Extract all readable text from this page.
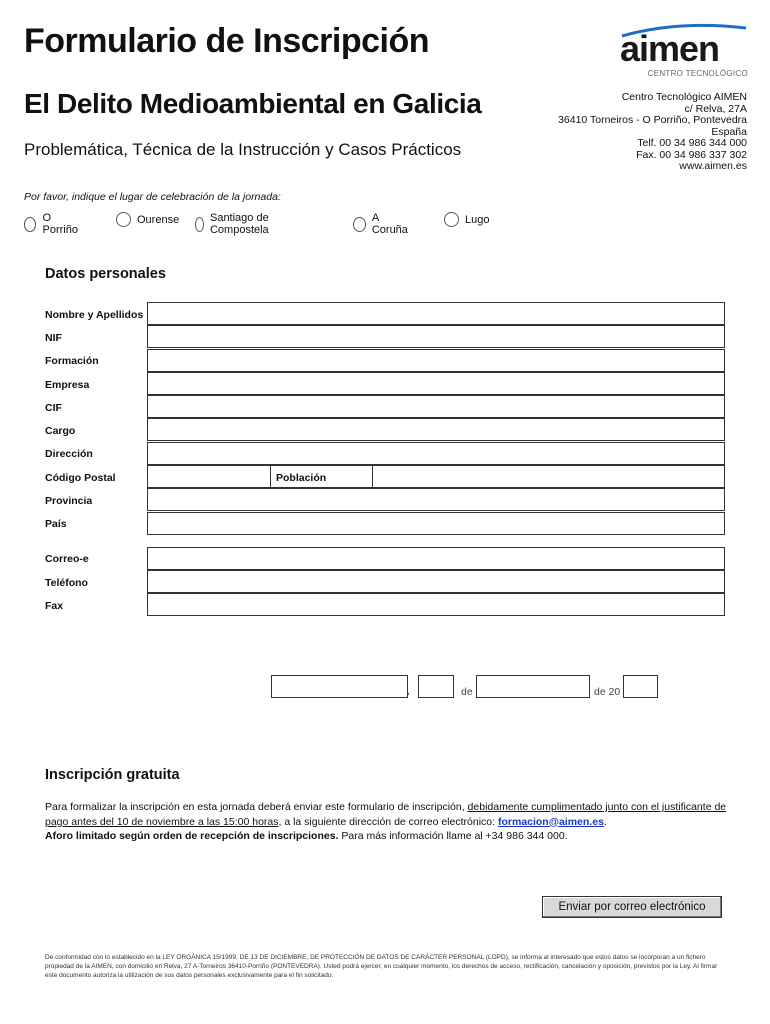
Formulario de Inscripción
El Delito Medioambiental en Galicia
Problemática, Técnica de la Instrucción y Casos Prácticos
aimen
CENTRO TECNOLÓGICO
Centro Tecnológico AIMEN
c/ Relva, 27A
36410 Torneiros - O Porriño, Pontevedra
España
Telf. 00 34 986 344 000
Fax. 00 34 986 337 302
www.aimen.es
Por favor, indique el lugar de celebración de la jornada:
O Porriño
Ourense	Santiago de Compostela
A Coruña
Lugo
Datos personales
Nombre y Apellidos
NIF
Formación
Empresa
CIF
Cargo
Dirección
Código Postal	Población
Provincia
País
Correo-e
Teléfono
Fax
,	de	de 20
Inscripción gratuita
Para formalizar la inscripción en esta jornada deberá enviar este formulario de inscripción, debidamente cumplimentado junto con el justificante de pago antes del 10 de noviembre a las 15:00 horas, a la siguiente dirección de correo electrónico: formacion@aimen.es.
Aforo limitado según orden de recepción de inscripciones. Para más información llame al +34 986 344 000.
Enviar por correo electrónico
De conformidad con lo establecido en la LEY ORGÁNICA 15/1999, DE 13 DE DICIEMBRE, DE PROTECCIÓN DE DATOS DE CARÁCTER PERSONAL (LOPD), se informa al interesado que estos datos se incorporan a un fichero propiedad de la AIMEN, con domicilio en Relva, 27 A-Torneiros 36410-Porriño (PONTEVEDRA). Usted podrá ejercer, en cualquier momento, los derechos de acceso, rectificación, cancelación y oposición, previstos por la Ley. Al firmar este documento autoriza la utilización de sus datos personales exclusivamente para el fin solicitado.
